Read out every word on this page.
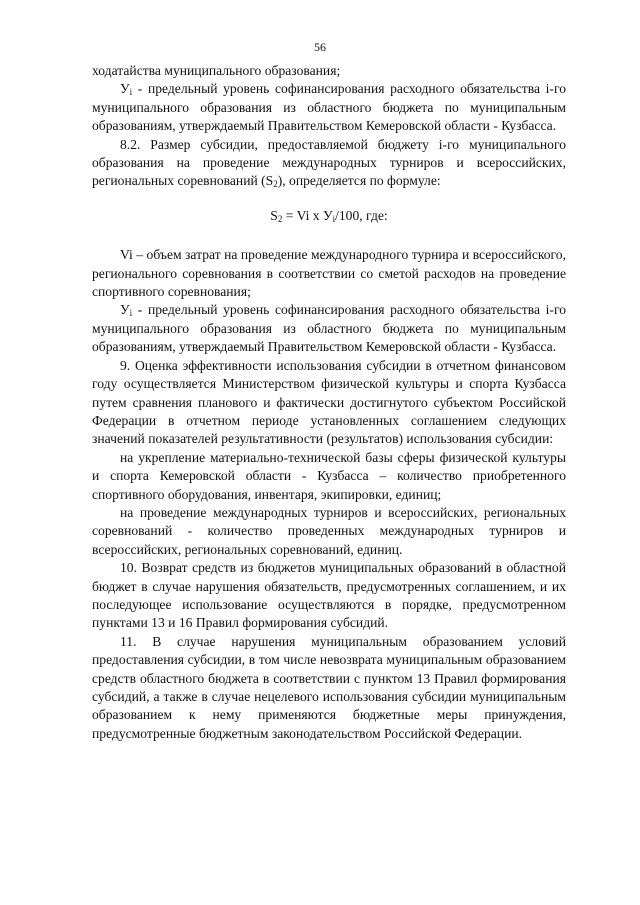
56

ходатайства муниципального образования;

$У_i$ - предельный уровень софинансирования расходного обязательства i-го муниципального образования из областного бюджета по муниципальным образованиям, утверждаемый Правительством Кемеровской области - Кузбасса.

8.2. Размер субсидии, предоставляемой бюджету i-го муниципального образования на проведение международных турниров и всероссийских, региональных соревнований $(S_2)$, определяется по формуле:

$S_2 = Vi$ х $У_i/100$, где:

Vi – объем затрат на проведение международного турнира и всероссийского, регионального соревнования в соответствии со сметой расходов на проведение спортивного соревнования;

$У_i$ - предельный уровень софинансирования расходного обязательства i-го муниципального образования из областного бюджета по муниципальным образованиям, утверждаемый Правительством Кемеровской области - Кузбасса.

9. Оценка эффективности использования субсидии в отчетном финансовом году осуществляется Министерством физической культуры и спорта Кузбасса путем сравнения планового и фактически достигнутого субъектом Российской Федерации в отчетном периоде установленных соглашением следующих значений показателей результативности (результатов) использования субсидии:

на укрепление материально-технической базы сферы физической культуры и спорта Кемеровской области - Кузбасса – количество приобретенного спортивного оборудования, инвентаря, экипировки, единиц;

на проведение международных турниров и всероссийских, региональных соревнований - количество проведенных международных турниров и всероссийских, региональных соревнований, единиц.

10. Возврат средств из бюджетов муниципальных образований в областной бюджет в случае нарушения обязательств, предусмотренных соглашением, и их последующее использование осуществляются в порядке, предусмотренном пунктами 13 и 16 Правил формирования субсидий.

11. В случае нарушения муниципальным образованием условий предоставления субсидии, в том числе невозврата муниципальным образованием средств областного бюджета в соответствии с пунктом 13 Правил формирования субсидий, а также в случае нецелевого использования субсидии муниципальным образованием к нему применяются бюджетные меры принуждения, предусмотренные бюджетным законодательством Российской Федерации.
